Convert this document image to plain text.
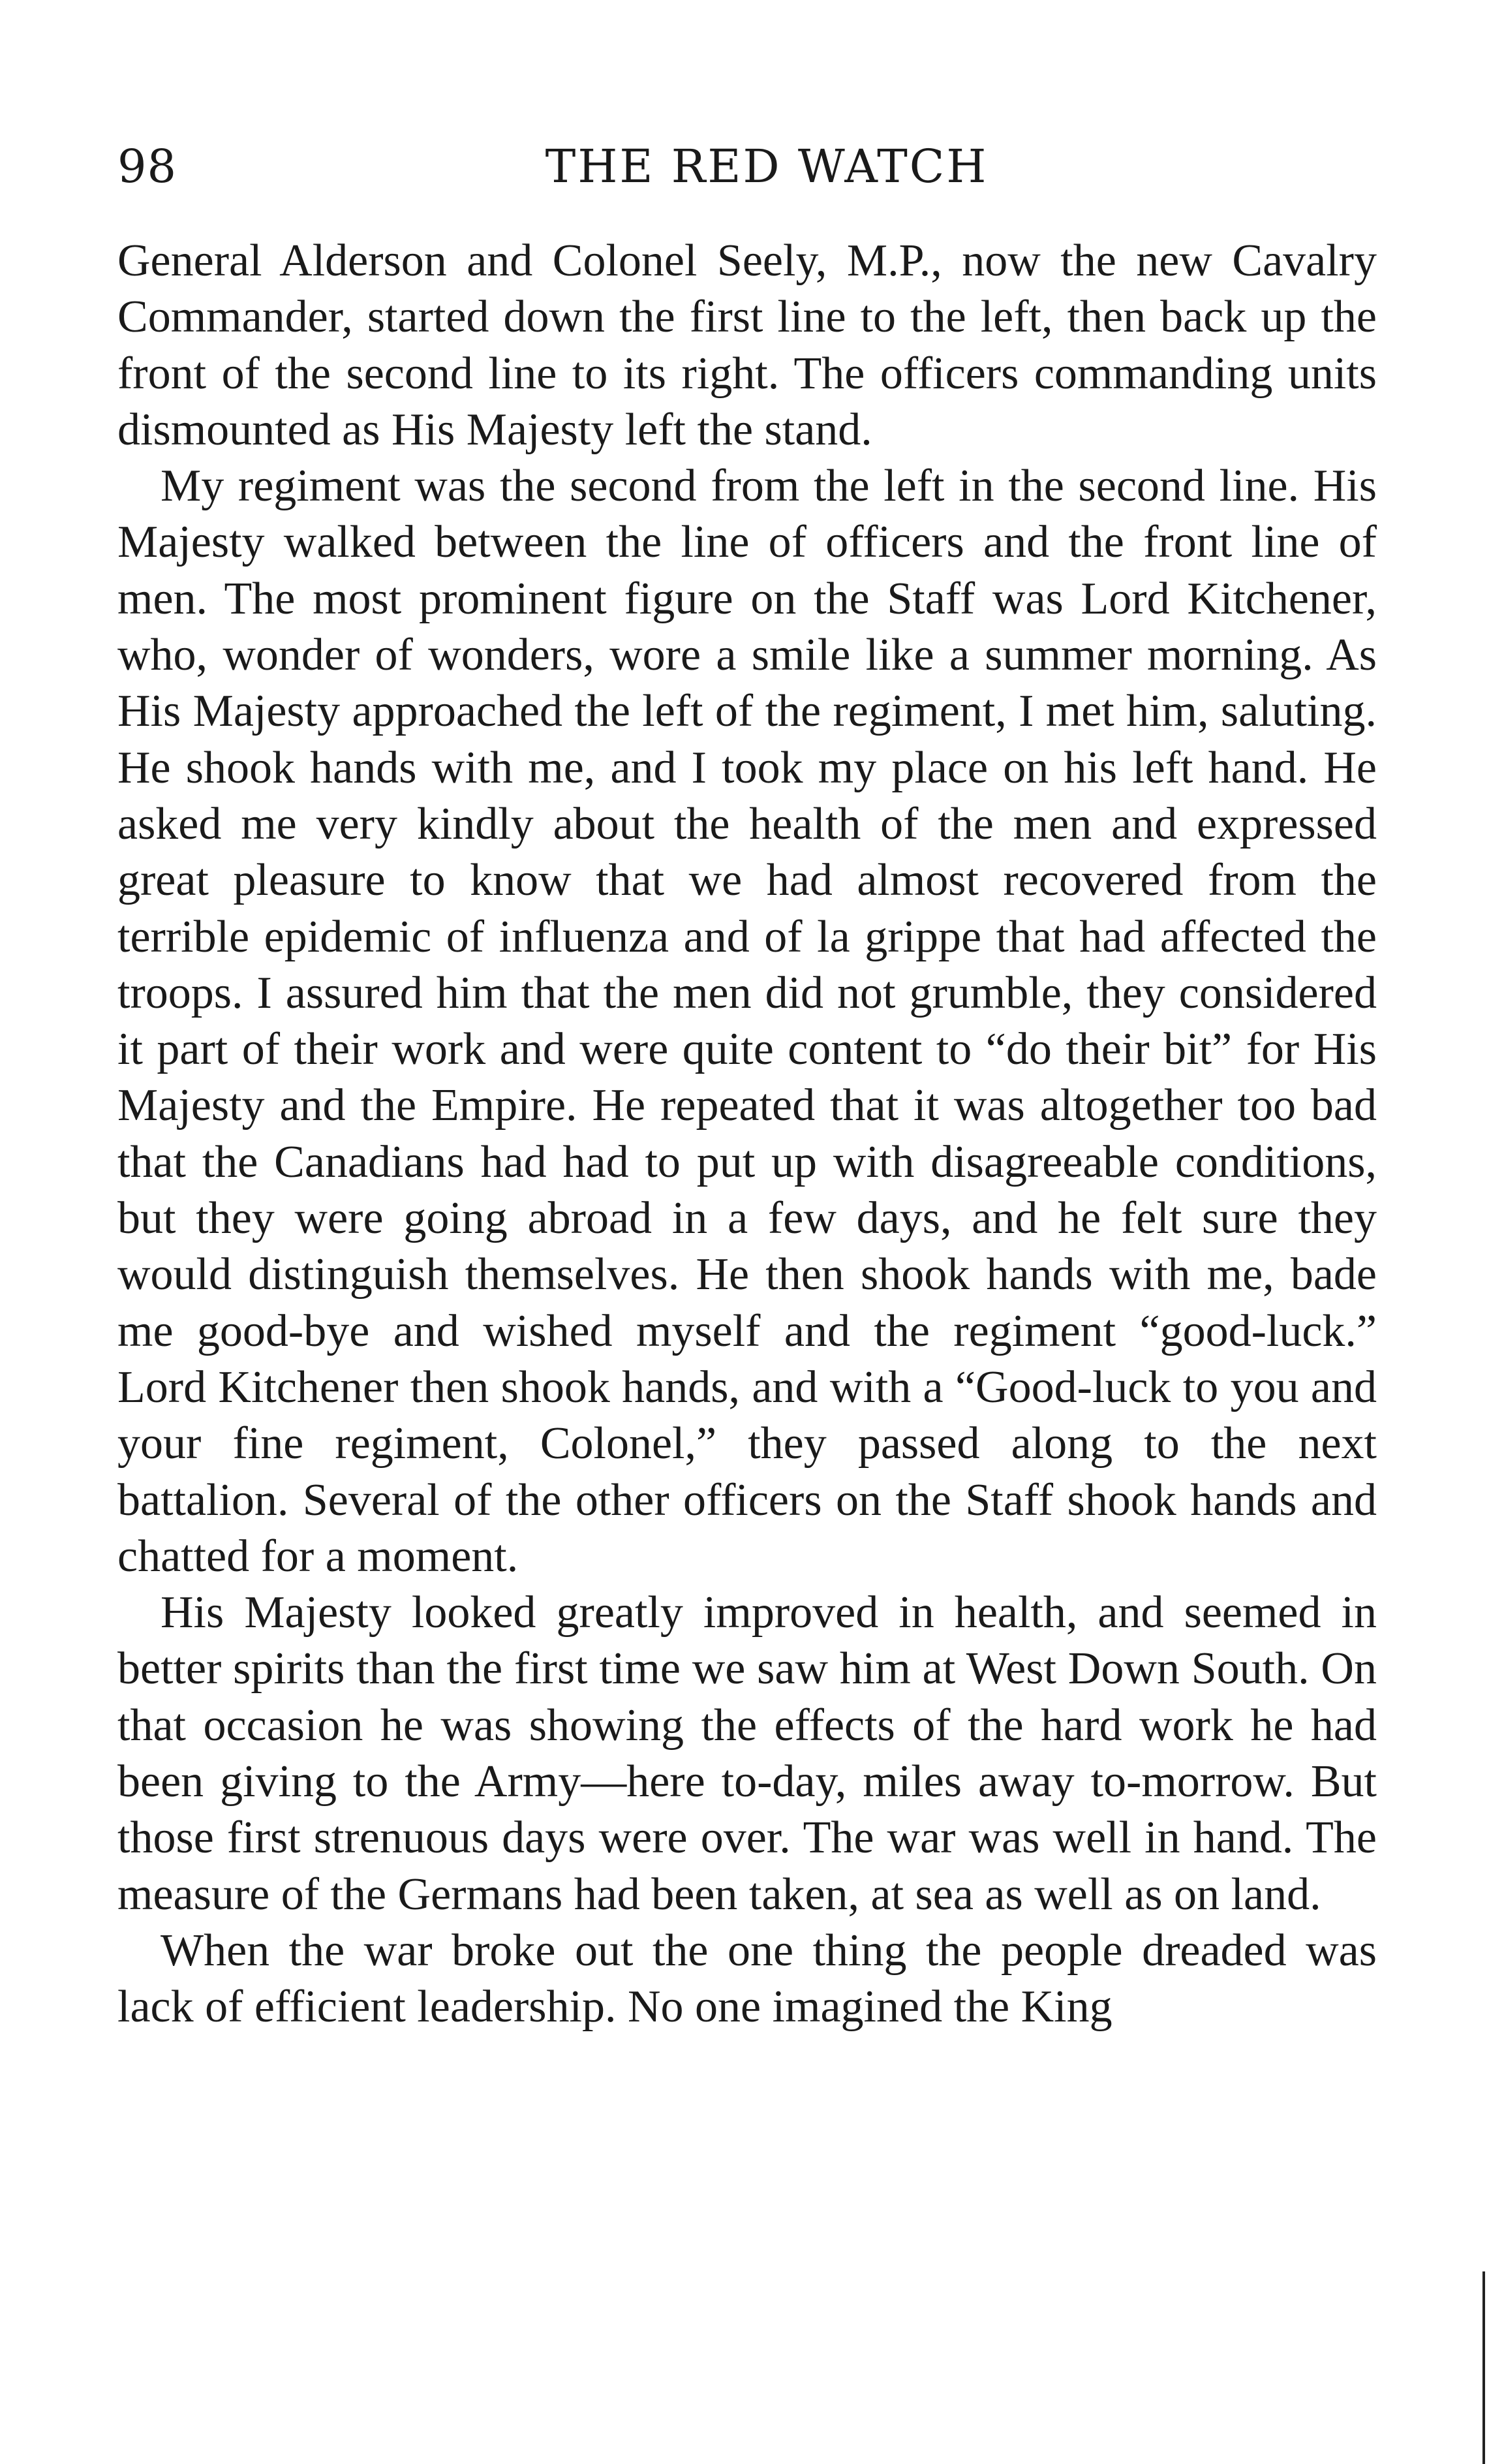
98	THE RED WATCH

General Alderson and Colonel Seely, M.P., now the new Cavalry Commander, started down the first line to the left, then back up the front of the second line to its right. The officers commanding units dismounted as His Majesty left the stand.

My regiment was the second from the left in the second line. His Majesty walked between the line of officers and the front line of men. The most prominent figure on the Staff was Lord Kitchener, who, wonder of wonders, wore a smile like a summer morning. As His Majesty approached the left of the regiment, I met him, saluting. He shook hands with me, and I took my place on his left hand. He asked me very kindly about the health of the men and expressed great pleasure to know that we had almost recovered from the terrible epidemic of influenza and of la grippe that had affected the troops. I assured him that the men did not grumble, they considered it part of their work and were quite content to “do their bit” for His Majesty and the Empire. He repeated that it was altogether too bad that the Canadians had had to put up with disagreeable conditions, but they were going abroad in a few days, and he felt sure they would distinguish themselves. He then shook hands with me, bade me good-bye and wished myself and the regiment “good-luck.” Lord Kitchener then shook hands, and with a “Good-luck to you and your fine regiment, Colonel,” they passed along to the next battalion. Several of the other officers on the Staff shook hands and chatted for a moment.

His Majesty looked greatly improved in health, and seemed in better spirits than the first time we saw him at West Down South. On that occasion he was showing the effects of the hard work he had been giving to the Army—here to-day, miles away to-morrow. But those first strenuous days were over. The war was well in hand. The measure of the Germans had been taken, at sea as well as on land.

When the war broke out the one thing the people dreaded was lack of efficient leadership. No one imagined the King
